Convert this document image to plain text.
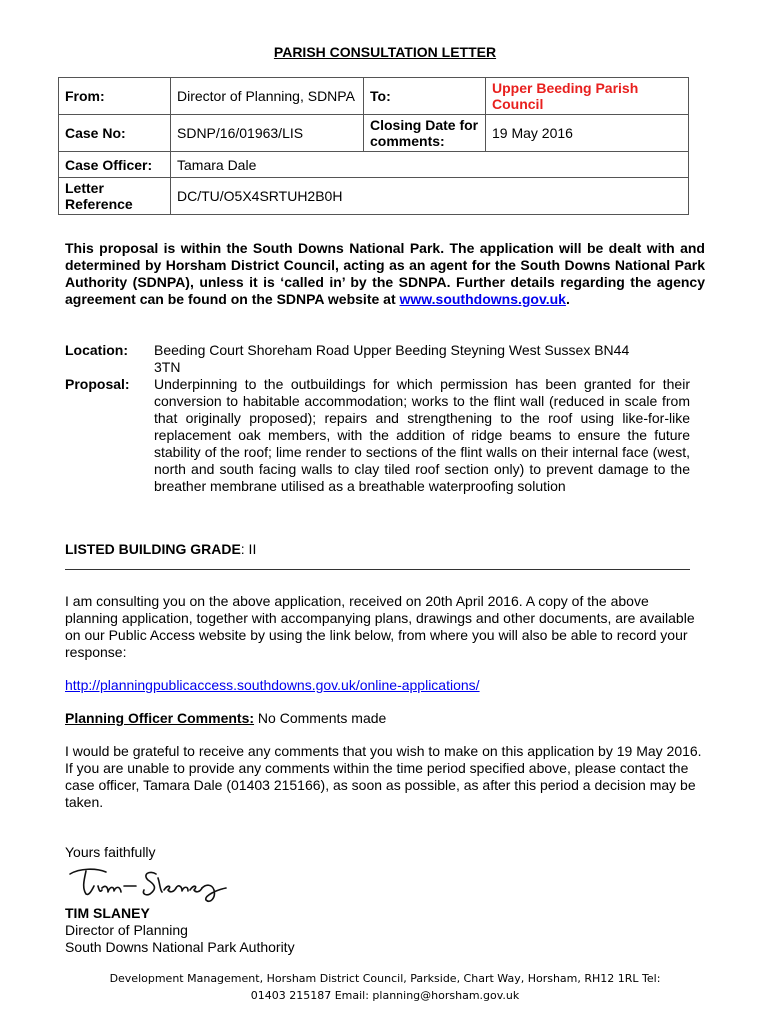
PARISH CONSULTATION LETTER
From:	Director of Planning, SDNPA	To:	Upper Beeding Parish Council
Case No:	SDNP/16/01963/LIS	Closing Date for comments:	19 May 2016
Case Officer:	Tamara Dale		
Letter Reference	DC/TU/O5X4SRTUH2B0H		
This proposal is within the South Downs National Park. The application will be dealt with and determined by Horsham District Council, acting as an agent for the South Downs National Park Authority (SDNPA), unless it is ‘called in’ by the SDNPA. Further details regarding the agency agreement can be found on the SDNPA website at www.southdowns.gov.uk.
Location:	Beeding Court Shoreham Road Upper Beeding Steyning West Sussex BN44 3TN
Proposal:	Underpinning to the outbuildings for which permission has been granted for their conversion to habitable accommodation; works to the flint wall (reduced in scale from that originally proposed); repairs and strengthening to the roof using like-for-like replacement oak members, with the addition of ridge beams to ensure the future stability of the roof; lime render to sections of the flint walls on their internal face (west, north and south facing walls to clay tiled roof section only) to prevent damage to the breather membrane utilised as a breathable waterproofing solution
LISTED BUILDING GRADE: II
I am consulting you on the above application, received on 20th April 2016. A copy of the above planning application, together with accompanying plans, drawings and other documents, are available on our Public Access website by using the link below, from where you will also be able to record your response:
http://planningpublicaccess.southdowns.gov.uk/online-applications/
Planning Officer Comments: No Comments made
I would be grateful to receive any comments that you wish to make on this application by 19 May 2016. If you are unable to provide any comments within the time period specified above, please contact the case officer, Tamara Dale (01403 215166), as soon as possible, as after this period a decision may be taken.
Yours faithfully
TIM SLANEY
Director of Planning
South Downs National Park Authority
Development Management, Horsham District Council, Parkside, Chart Way, Horsham, RH12 1RL Tel:
01403 215187 Email: planning@horsham.gov.uk
